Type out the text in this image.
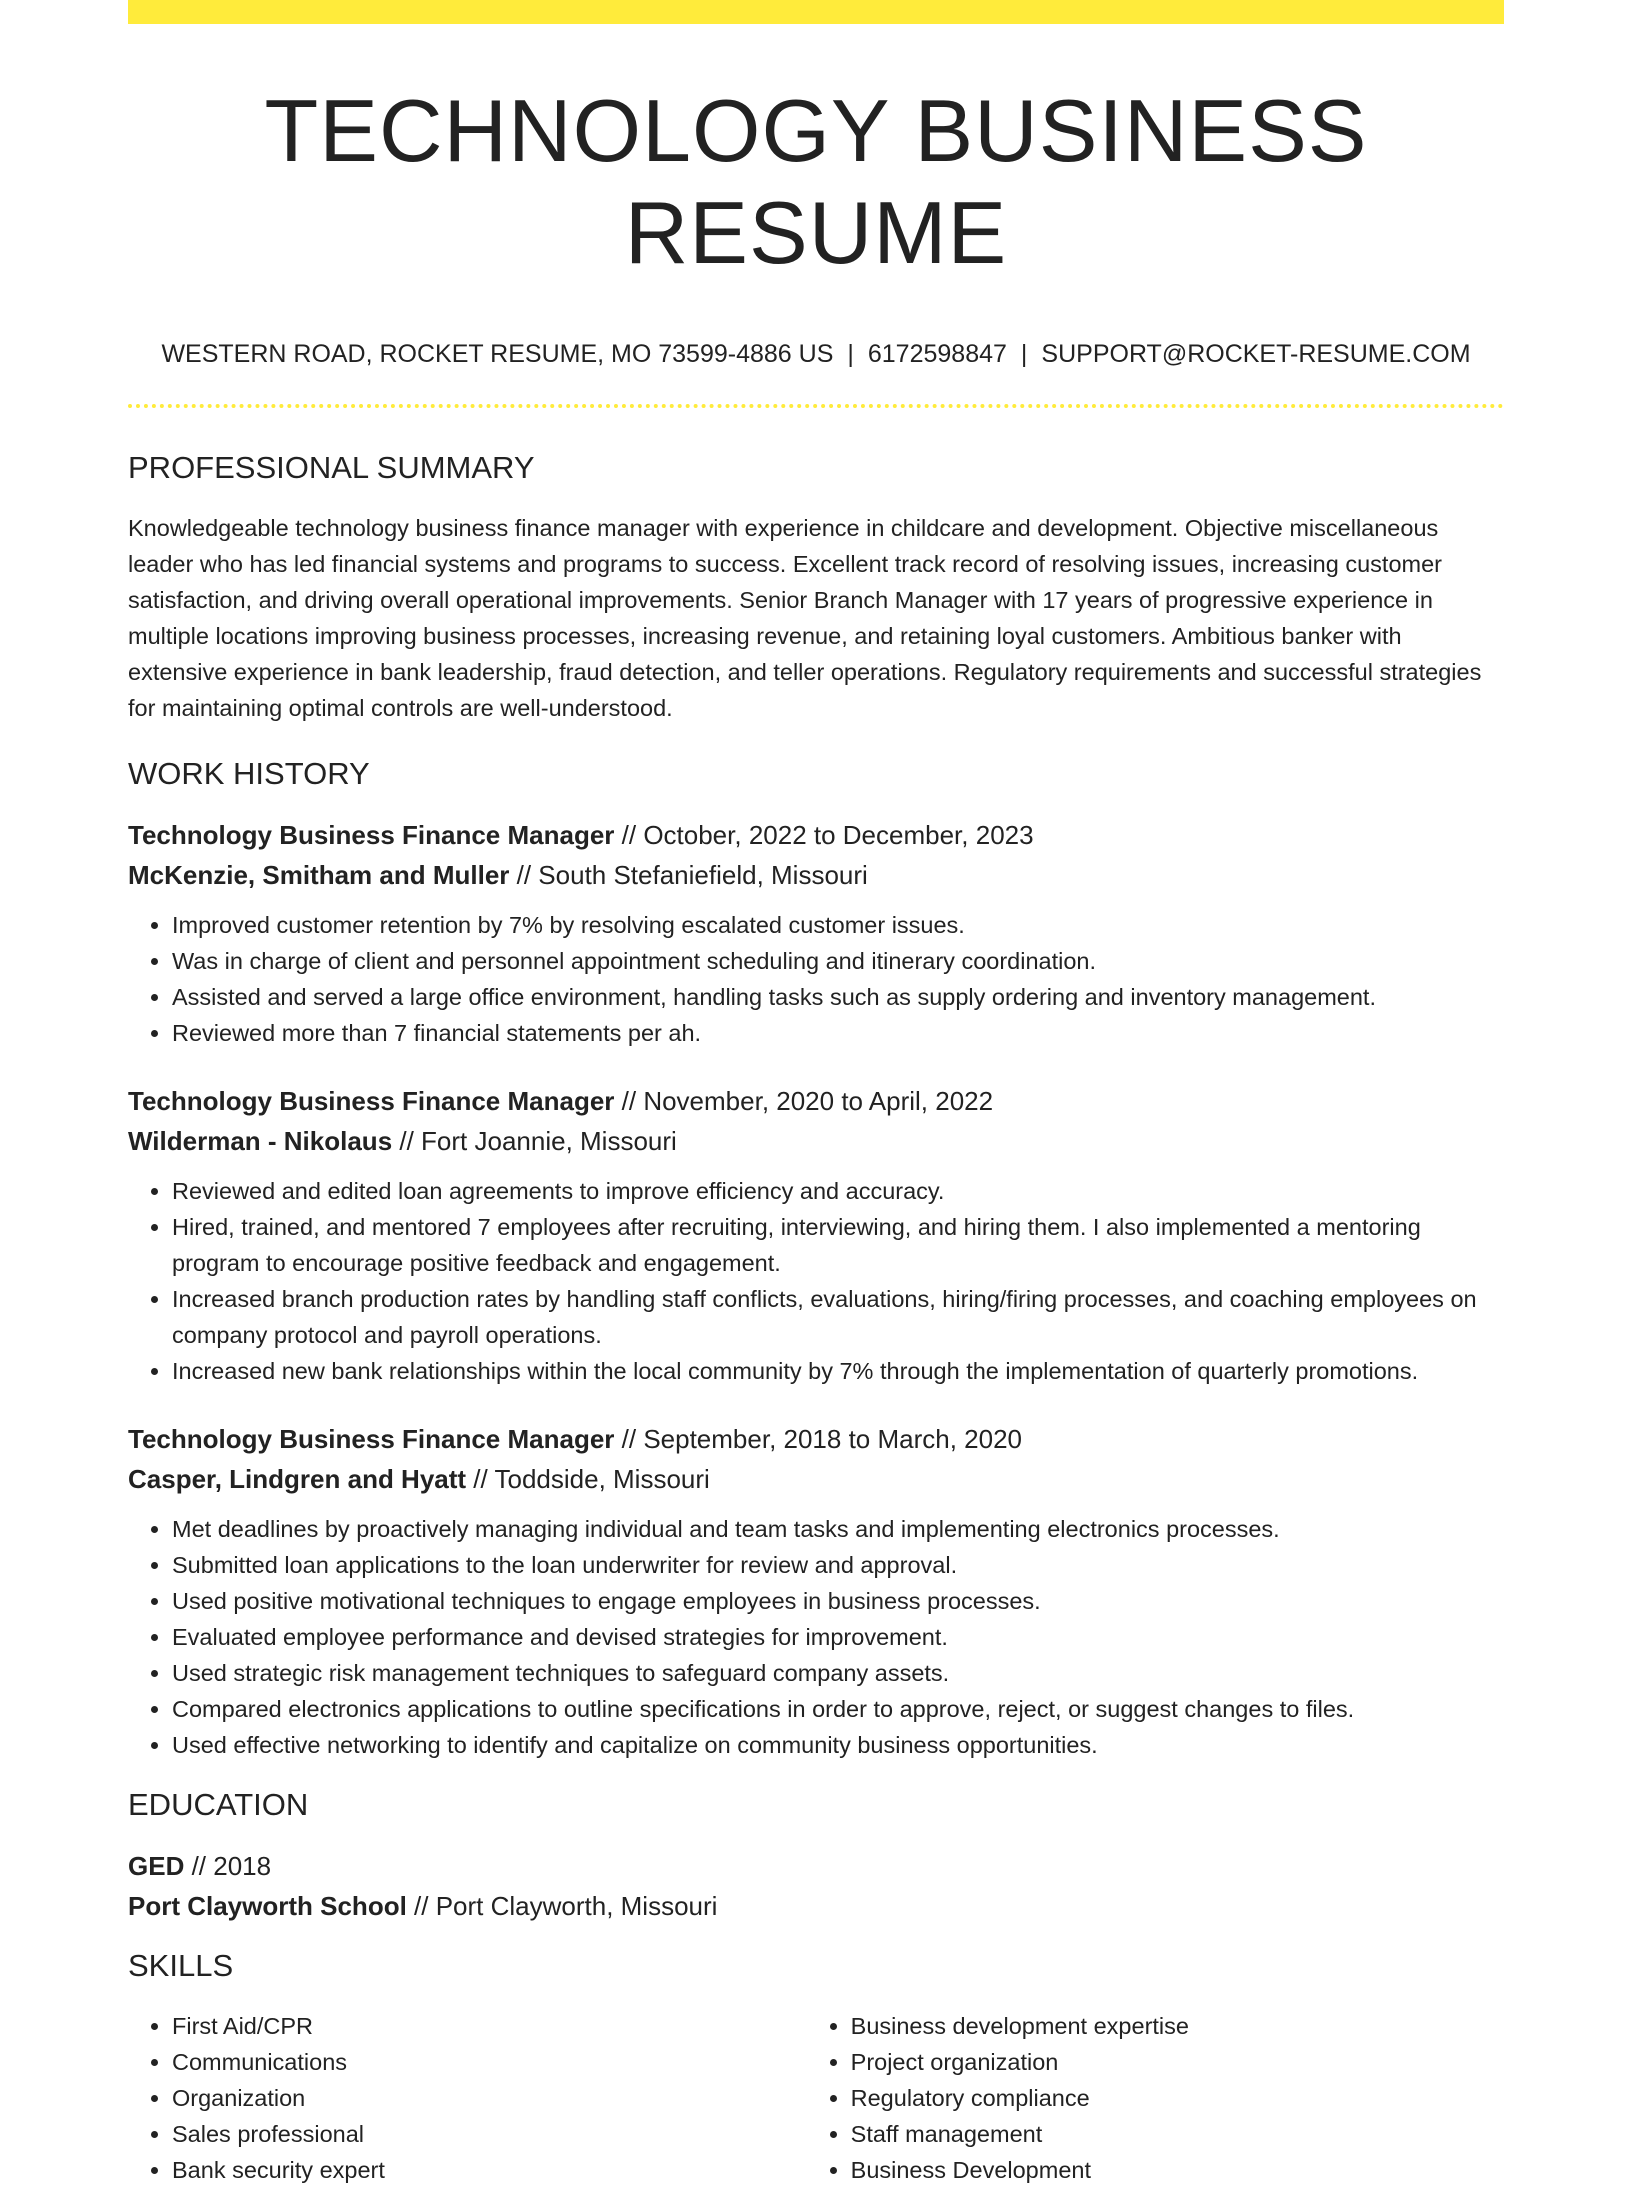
TECHNOLOGY BUSINESS RESUME
WESTERN ROAD, ROCKET RESUME, MO 73599-4886 US | 6172598847 | SUPPORT@ROCKET-RESUME.COM
PROFESSIONAL SUMMARY

Knowledgeable technology business finance manager with experience in childcare and development. Objective miscellaneous leader who has led financial systems and programs to success. Excellent track record of resolving issues, increasing customer satisfaction, and driving overall operational improvements. Senior Branch Manager with 17 years of progressive experience in multiple locations improving business processes, increasing revenue, and retaining loyal customers. Ambitious banker with extensive experience in bank leadership, fraud detection, and teller operations. Regulatory requirements and successful strategies for maintaining optimal controls are well-understood.

WORK HISTORY
Technology Business Finance Manager // October, 2022 to December, 2023
McKenzie, Smitham and Muller // South Stefaniefield, Missouri
• Improved customer retention by 7% by resolving escalated customer issues.
• Was in charge of client and personnel appointment scheduling and itinerary coordination.
• Assisted and served a large office environment, handling tasks such as supply ordering and inventory management.
• Reviewed more than 7 financial statements per ah.
Technology Business Finance Manager // November, 2020 to April, 2022
Wilderman - Nikolaus // Fort Joannie, Missouri
• Reviewed and edited loan agreements to improve efficiency and accuracy.
• Hired, trained, and mentored 7 employees after recruiting, interviewing, and hiring them. I also implemented a mentoring program to encourage positive feedback and engagement.
• Increased branch production rates by handling staff conflicts, evaluations, hiring/firing processes, and coaching employees on company protocol and payroll operations.
• Increased new bank relationships within the local community by 7% through the implementation of quarterly promotions.
Technology Business Finance Manager // September, 2018 to March, 2020
Casper, Lindgren and Hyatt // Toddside, Missouri
• Met deadlines by proactively managing individual and team tasks and implementing electronics processes.
• Submitted loan applications to the loan underwriter for review and approval.
• Used positive motivational techniques to engage employees in business processes.
• Evaluated employee performance and devised strategies for improvement.
• Used strategic risk management techniques to safeguard company assets.
• Compared electronics applications to outline specifications in order to approve, reject, or suggest changes to files.
• Used effective networking to identify and capitalize on community business opportunities.
EDUCATION
GED // 2018
Port Clayworth School // Port Clayworth, Missouri
SKILLS
• First Aid/CPR
• Communications
• Organization
• Sales professional
• Bank security expert
• Business development expertise
• Project organization
• Regulatory compliance
• Staff management
• Business Development
